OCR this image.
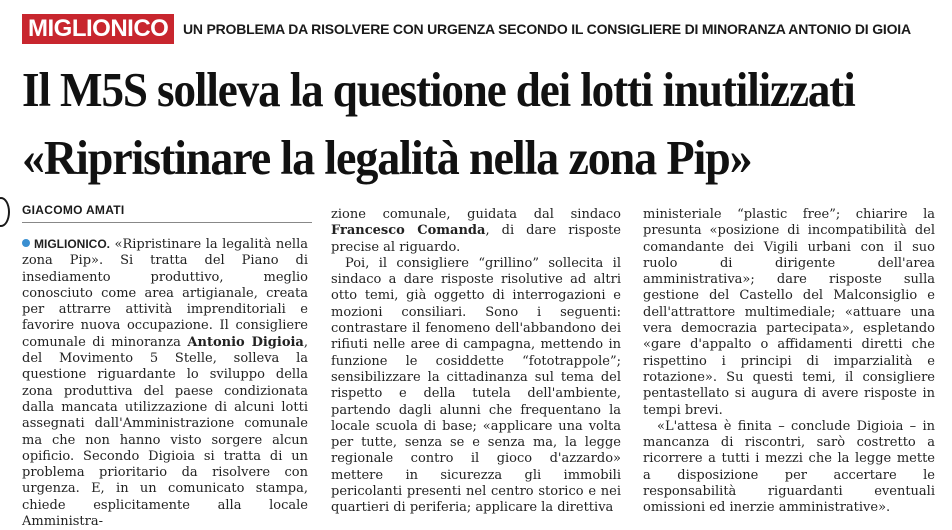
MIGLIONICO	UN PROBLEMA DA RISOLVERE CON URGENZA SECONDO IL CONSIGLIERE DI MINORANZA ANTONIO DI GIOIA
Il M5S solleva la questione dei lotti inutilizzati
«Ripristinare la legalità nella zona Pip»
GIACOMO AMATI

MIGLIONICO. «Ripristinare la legalità nella zona Pip». Si tratta del Piano di insediamento produttivo, meglio conosciuto come area artigianale, creata per attrarre attività imprenditoriali e favorire nuova occupazione. Il consigliere comunale di minoranza Antonio Digioia, del Movimento 5 Stelle, solleva la questione riguardante lo sviluppo della zona produttiva del paese condizionata dalla mancata utilizzazione di alcuni lotti assegnati dall'Amministrazione comunale ma che non hanno visto sorgere alcun opificio. Secondo Digioia si tratta di un problema prioritario da risolvere con urgenza. E, in un comunicato stampa, chiede esplicitamente alla locale Amministra-

zione comunale, guidata dal sindaco Francesco Comanda, di dare risposte precise al riguardo.

Poi, il consigliere “grillino” sollecita il sindaco a dare risposte risolutive ad altri otto temi, già oggetto di interrogazioni e mozioni consiliari. Sono i seguenti: contrastare il fenomeno dell'abbandono dei rifiuti nelle aree di campagna, mettendo in funzione le cosiddette “fototrappole”; sensibilizzare la cittadinanza sul tema del rispetto e della tutela dell'ambiente, partendo dagli alunni che frequentano la locale scuola di base; «applicare una volta per tutte, senza se e senza ma, la legge regionale contro il gioco d'azzardo» mettere in sicurezza gli immobili pericolanti presenti nel centro storico e nei quartieri di periferia; applicare la direttiva

ministeriale “plastic free”; chiarire la presunta «posizione di incompatibilità del comandante dei Vigili urbani con il suo ruolo di dirigente dell'area amministrativa»; dare risposte sulla gestione del Castello del Malconsiglio e dell'attrattore multimediale; «attuare una vera democrazia partecipata», espletando «gare d'appalto o affidamenti diretti che rispettino i principi di imparzialità e rotazione». Su questi temi, il consigliere pentastellato si augura di avere risposte in tempi brevi.

«L'attesa è finita – conclude Digioia – in mancanza di riscontri, sarò costretto a ricorrere a tutti i mezzi che la legge mette a disposizione per accertare le responsabilità riguardanti eventuali omissioni ed inerzie amministrative».
